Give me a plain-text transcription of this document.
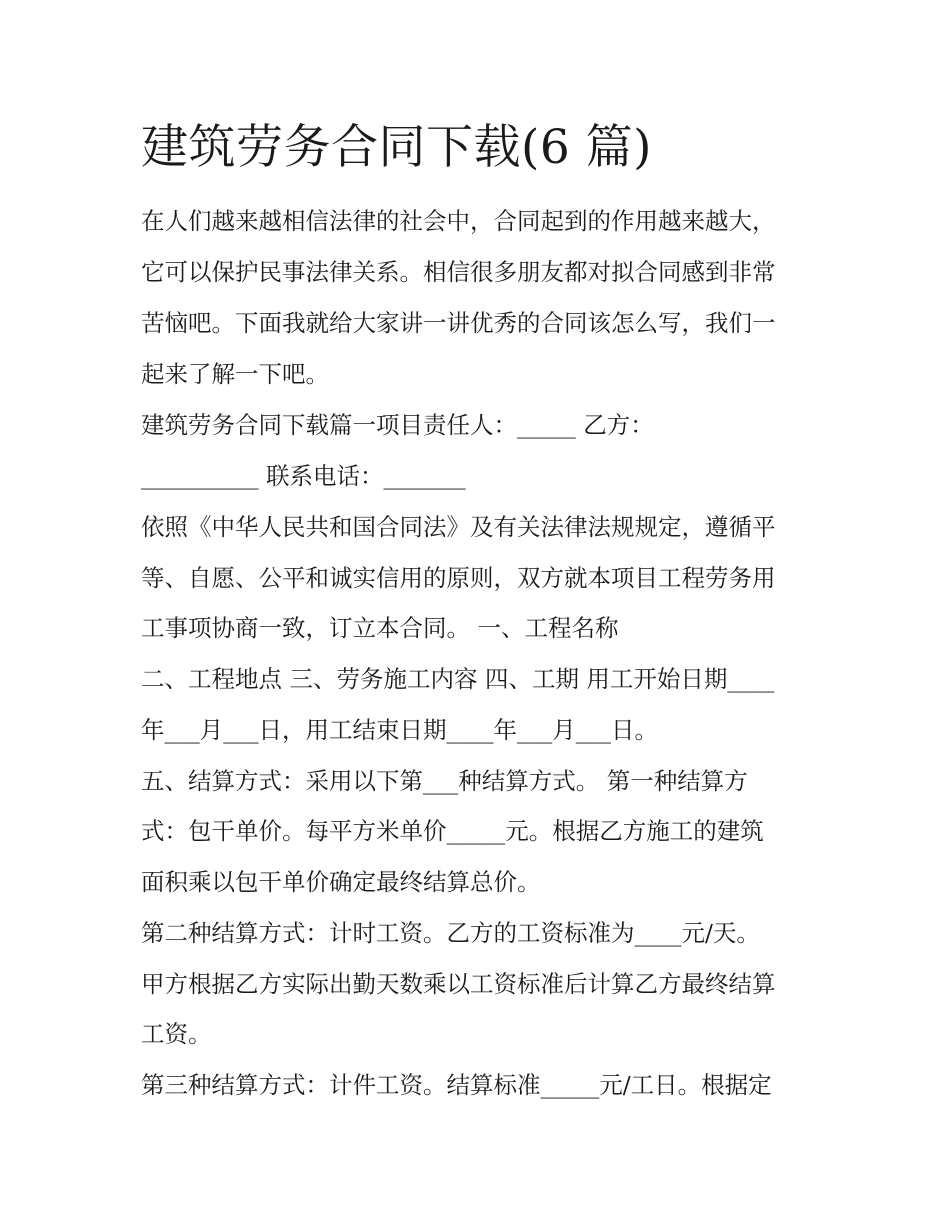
建筑劳务合同下载(6 篇)

在人们越来越相信法律的社会中，合同起到的作用越来越大，

它可以保护民事法律关系。相信很多朋友都对拟合同感到非常

苦恼吧。下面我就给大家讲一讲优秀的合同该怎么写，我们一

起来了解一下吧。

建筑劳务合同下载篇一项目责任人：_____ 乙方：

__________ 联系电话：_______

依照《中华人民共和国合同法》及有关法律法规规定，遵循平

等、自愿、公平和诚实信用的原则，双方就本项目工程劳务用

工事项协商一致，订立本合同。 一、工程名称

二、工程地点 三、劳务施工内容 四、工期 用工开始日期____

年___月___日，用工结束日期____年___月___日。

五、结算方式：采用以下第___种结算方式。 第一种结算方

式：包干单价。每平方米单价_____元。根据乙方施工的建筑

面积乘以包干单价确定最终结算总价。

第二种结算方式：计时工资。乙方的工资标准为____元/天。

甲方根据乙方实际出勤天数乘以工资标准后计算乙方最终结算

工资。

第三种结算方式：计件工资。结算标准_____元/工日。根据定
